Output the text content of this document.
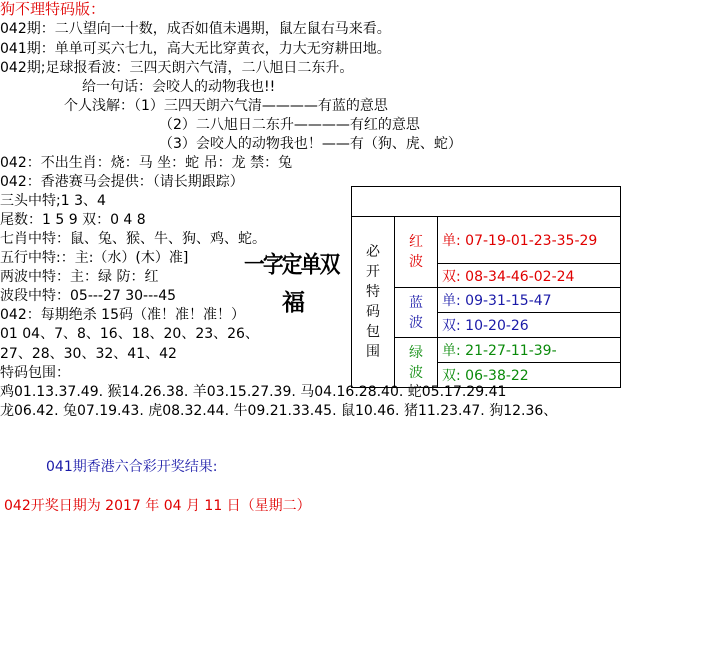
狗不理特码版：
042期：二八望向一十数，成否如值未遇期，鼠左鼠右马来看。
041期：单单可买六七九，高大无比穿黄衣，力大无穷耕田地。
042期;足球报看波：三四天朗六气清，二八旭日二东升。
给一句话：会咬人的动物我也!!
个人浅解：（1）三四天朗六气清————有蓝的意思
（2）二八旭日二东升————有红的意思
（3）会咬人的动物我也！——有（狗、虎、蛇）
042：不出生肖：烧：马 坐：蛇 吊：龙 禁：兔
042：香港赛马会提供：（请长期跟踪）
三头中特;1 3、4
尾数：1 5 9 双：0 4 8
七肖中特：鼠、兔、猴、牛、狗、鸡、蛇。
五行中特:：主:（水）(木）准]
两波中特：主：绿 防：红
波段中特：05---27 30---45
042：每期绝杀 15码（准！准！准！）
01 04、7、8、16、18、20、23、26、
27、28、30、32、41、42
特码包围：
鸡01.13.37.49. 猴14.26.38. 羊03.15.27.39. 马04.16.28.40. 蛇05.17.29.41
龙06.42. 兔07.19.43. 虎08.32.44. 牛09.21.33.45. 鼠10.46. 猪11.23.47. 狗12.36、
041期香港六合彩开奖结果:
042开奖日期为 2017 年 04 月 11 日（星期二）
一字定单双
福

必开特码包围	红波	单: 07-19-01-23-35-29
		双: 08-34-46-02-24

	蓝波	单: 09-31-15-47
		双: 10-20-26

	绿波	单: 21-27-11-39-
		双: 06-38-22
